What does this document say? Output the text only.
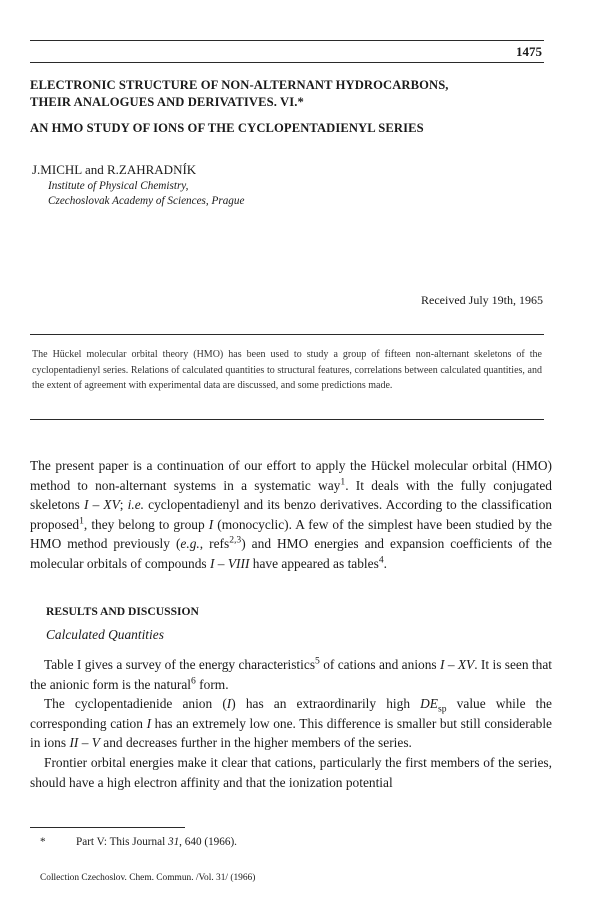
1475
ELECTRONIC STRUCTURE OF NON-ALTERNANT HYDROCARBONS,
THEIR ANALOGUES AND DERIVATIVES. VI.*
AN HMO STUDY OF IONS OF THE CYCLOPENTADIENYL SERIES
J.MICHL and R.ZAHRADNÍK
Institute of Physical Chemistry,
Czechoslovak Academy of Sciences, Prague
Received July 19th, 1965
The Hückel molecular orbital theory (HMO) has been used to study a group of fifteen non-alternant skeletons of the cyclopentadienyl series. Relations of calculated quantities to structural features, correlations between calculated quantities, and the extent of agreement with experimental data are discussed, and some predictions made.
The present paper is a continuation of our effort to apply the Hückel molecular orbital (HMO) method to non-alternant systems in a systematic way$^1$. It deals with the fully conjugated skeletons I – XV; i.e. cyclopentadienyl and its benzo derivatives. According to the classification proposed$^1$, they belong to group I (monocyclic). A few of the simplest have been studied by the HMO method previously (e.g., refs$^{2,3}$) and HMO energies and expansion coefficients of the molecular orbitals of compounds I – VIII have appeared as tables$^4$.
RESULTS AND DISCUSSION
Calculated Quantities
Table I gives a survey of the energy characteristics$^5$ of cations and anions I – XV. It is seen that the anionic form is the natural$^6$ form.
The cyclopentadienide anion (I) has an extraordinarily high $DE_{sp}$ value while the corresponding cation I has an extremely low one. This difference is smaller but still considerable in ions II – V and decreases further in the higher members of the series.
Frontier orbital energies make it clear that cations, particularly the first members of the series, should have a high electron affinity and that the ionization potential
*	Part V: This Journal 31, 640 (1966).
Collection Czechoslov. Chem. Commun. /Vol. 31/ (1966)
